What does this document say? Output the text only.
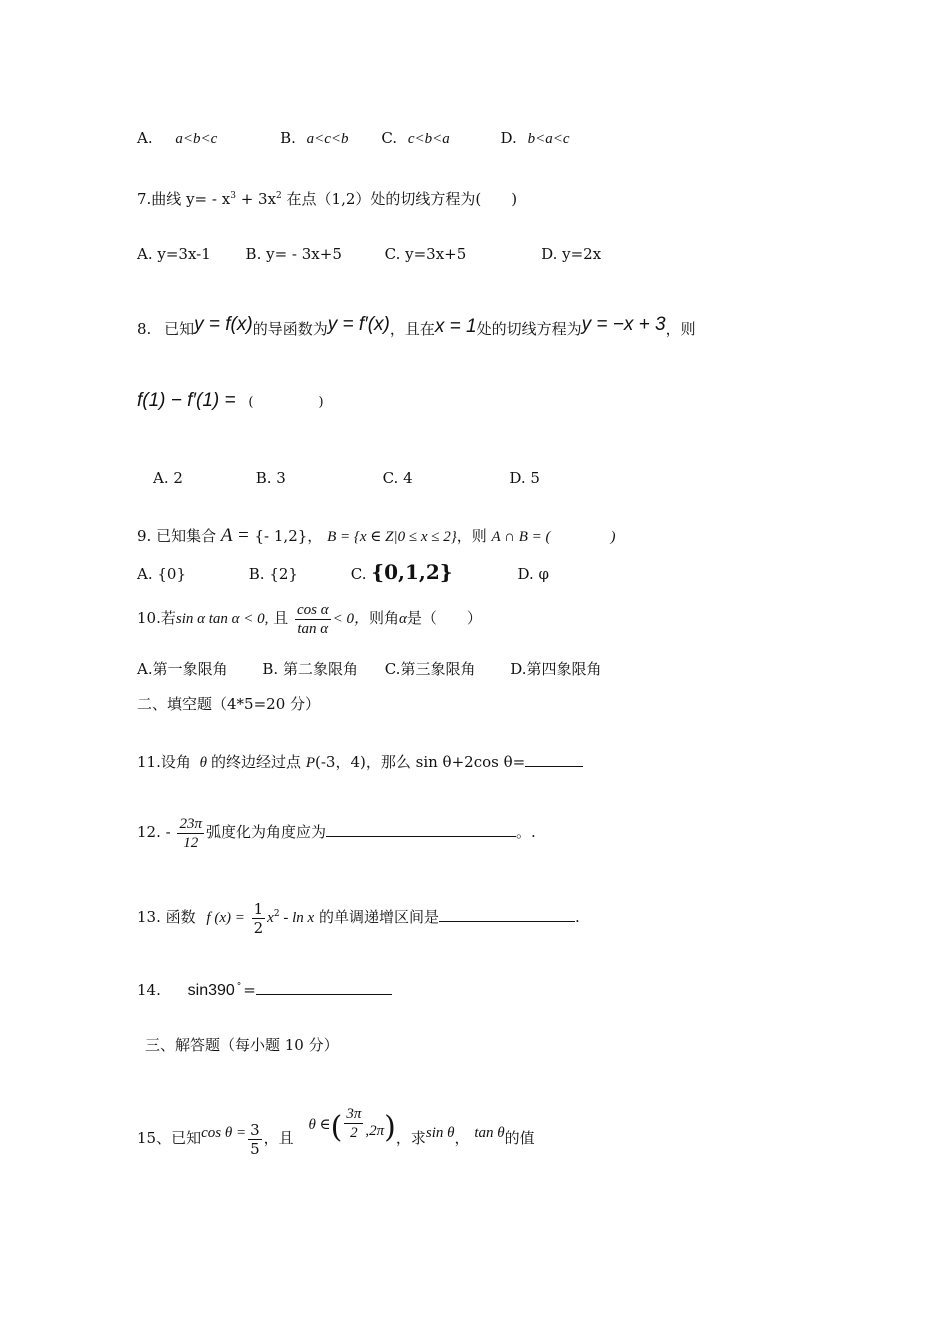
A. a<b<c	B. a<c<b C. c<b<a	D. b<a<c
7.曲线 $y= - x^3 + 3x^2$ 在点（1,2）处的切线方程为(　　)
A. y=3x-1 B. y= - 3x+5	C. y=3x+5	D. y=2x
8. 已知y = f(x)的导函数为y = f′(x)，且在x = 1处的切线方程为y = −x + 3，则
f(1) − f′(1) = (　　　　　)
A. 2	B. 3	C. 4	D. 5
9. 已知集合 A = {- 1,2}， B = {x ∈ Z|0 ≤ x ≤ 2}，则 A ∩ B = (　　　　)
A. {0}	B. {2}	C. {0,1,2}	D. φ
10.若sin α tan α < 0, 且 $\frac{\text{cos α}}{\text{tan α}} < 0$，则角α是（　　）
A.第一象限角 B. 第二象限角 C.第三象限角 D.第四象限角
二、填空题（4*5=20 分）
11.设角 θ 的终边经过点 P(-3，4)，那么 sin θ+2cos θ=
12. - $\frac{23\pi}{12}$ 弧度化为角度应为	。.
13. 函数 f $(x) = \frac{1}{2} x^2 - \ln x$ 的单调递增区间是	.
14. sin390 ° =
三、解答题（每小题 10 分）
15、已知$\cos \theta = \frac{3}{5}$ ，且 θ ∈( $\frac{3\pi}{2} ,2\pi$)，求sin θ， tan θ的值
